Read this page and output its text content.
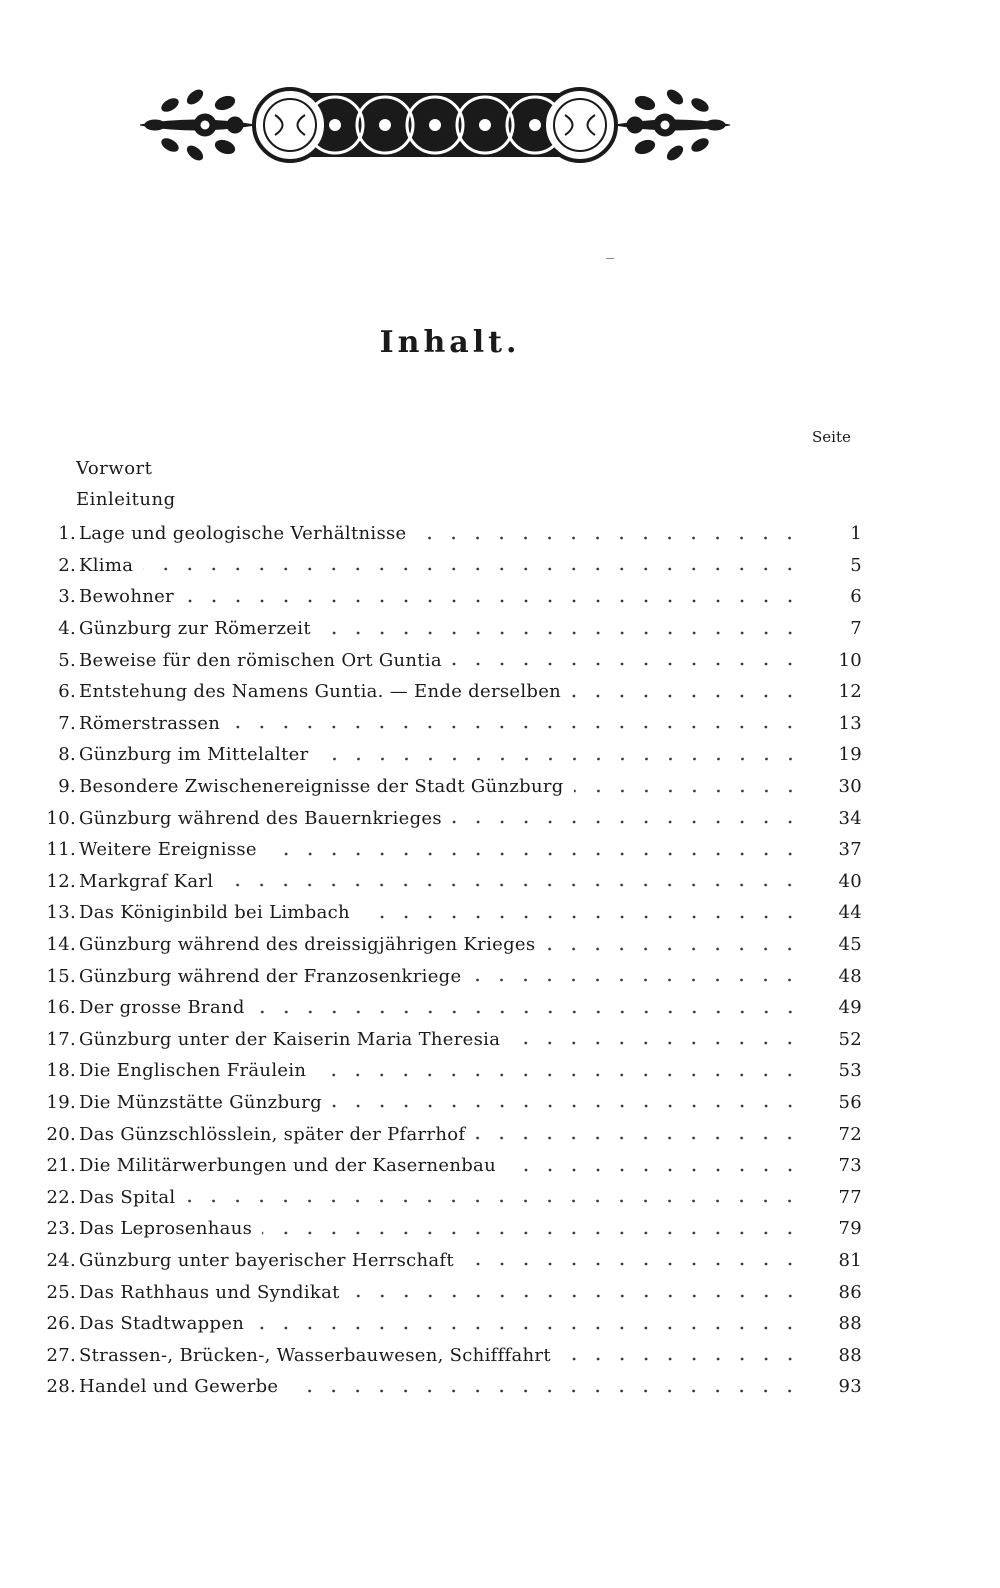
Inhalt.
Seite
Vorwort
Einleitung
1. Lage und geologische Verhältnisse	1
2. Klima	5
3. Bewohner	6
4. Günzburg zur Römerzeit	7
5. Beweise für den römischen Ort Guntia	10
6. Entstehung des Namens Guntia. — Ende derselben	12
7. Römerstrassen	13
8. Günzburg im Mittelalter	19
9. Besondere Zwischenereignisse der Stadt Günzburg	30
10. Günzburg während des Bauernkrieges	34
11. Weitere Ereignisse	37
12. Markgraf Karl	40
13. Das Königinbild bei Limbach	44
14. Günzburg während des dreissigjährigen Krieges	45
15. Günzburg während der Franzosenkriege	48
16. Der grosse Brand	49
17. Günzburg unter der Kaiserin Maria Theresia	52
18. Die Englischen Fräulein	53
19. Die Münzstätte Günzburg	56
20. Das Günzschlösslein, später der Pfarrhof	72
21. Die Militärwerbungen und der Kasernenbau	73
22. Das Spital	77
23. Das Leprosenhaus	79
24. Günzburg unter bayerischer Herrschaft	81
25. Das Rathhaus und Syndikat	86
26. Das Stadtwappen	88
27. Strassen-, Brücken-, Wasserbauwesen, Schifffahrt	88
28. Handel und Gewerbe	93
